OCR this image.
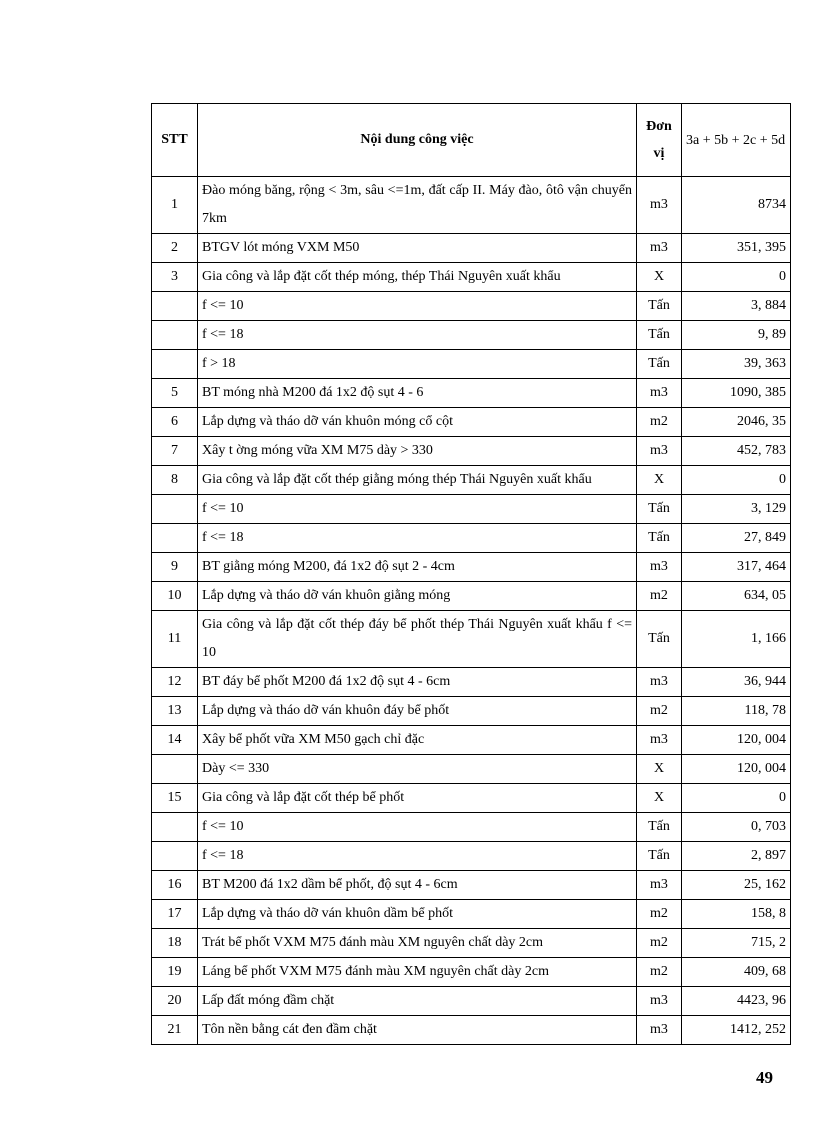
STT	Nội dung công việc	Đơn vị	3a + 5b + 2c + 5d
1	Đào móng băng, rộng < 3m, sâu <=1m, đất cấp II. Máy đào, ôtô vận chuyển 7km	m3	8734
2	BTGV lót móng VXM M50	m3	351, 395
3	Gia công và lắp đặt cốt thép móng, thép Thái Nguyên xuất khẩu	X	0
	f <= 10	Tấn	3, 884
	f <= 18	Tấn	9, 89
	f > 18	Tấn	39, 363
5	BT móng nhà M200 đá 1x2 độ sụt 4 - 6	m3	1090, 385
6	Lắp dựng và tháo dỡ ván khuôn móng cổ cột	m2	2046, 35
7	Xây t ờng móng vữa XM M75 dày > 330	m3	452, 783
8	Gia công và lắp đặt cốt thép giằng móng thép Thái Nguyên xuất khẩu	X	0
	f <= 10	Tấn	3, 129
	f <= 18	Tấn	27, 849
9	BT giằng móng M200, đá 1x2 độ sụt 2 - 4cm	m3	317, 464
10	Lắp dựng và tháo dỡ ván khuôn giằng móng	m2	634, 05
11	Gia công và lắp đặt cốt thép đáy bể phốt thép Thái Nguyên xuất khẩu f <= 10	Tấn	1, 166
12	BT đáy bể phốt M200 đá 1x2 độ sụt 4 - 6cm	m3	36, 944
13	Lắp dựng và tháo dỡ ván khuôn đáy bể phốt	m2	118, 78
14	Xây bể phốt vữa XM M50 gạch chỉ đặc	m3	120, 004
	Dày <= 330	X	120, 004
15	Gia công và lắp đặt cốt thép bể phốt	X	0
	f <= 10	Tấn	0, 703
	f <= 18	Tấn	2, 897
16	BT M200 đá 1x2 dầm bể phốt, độ sụt 4 - 6cm	m3	25, 162
17	Lắp dựng và tháo dỡ ván khuôn dầm bể phốt	m2	158, 8
18	Trát bể phốt VXM M75 đánh màu XM nguyên chất dày 2cm	m2	715, 2
19	Láng bể phốt VXM M75 đánh màu XM nguyên chất dày 2cm	m2	409, 68
20	Lấp đất móng đầm chặt	m3	4423, 96
21	Tôn nền bằng cát đen đầm chặt	m3	1412, 252
49
